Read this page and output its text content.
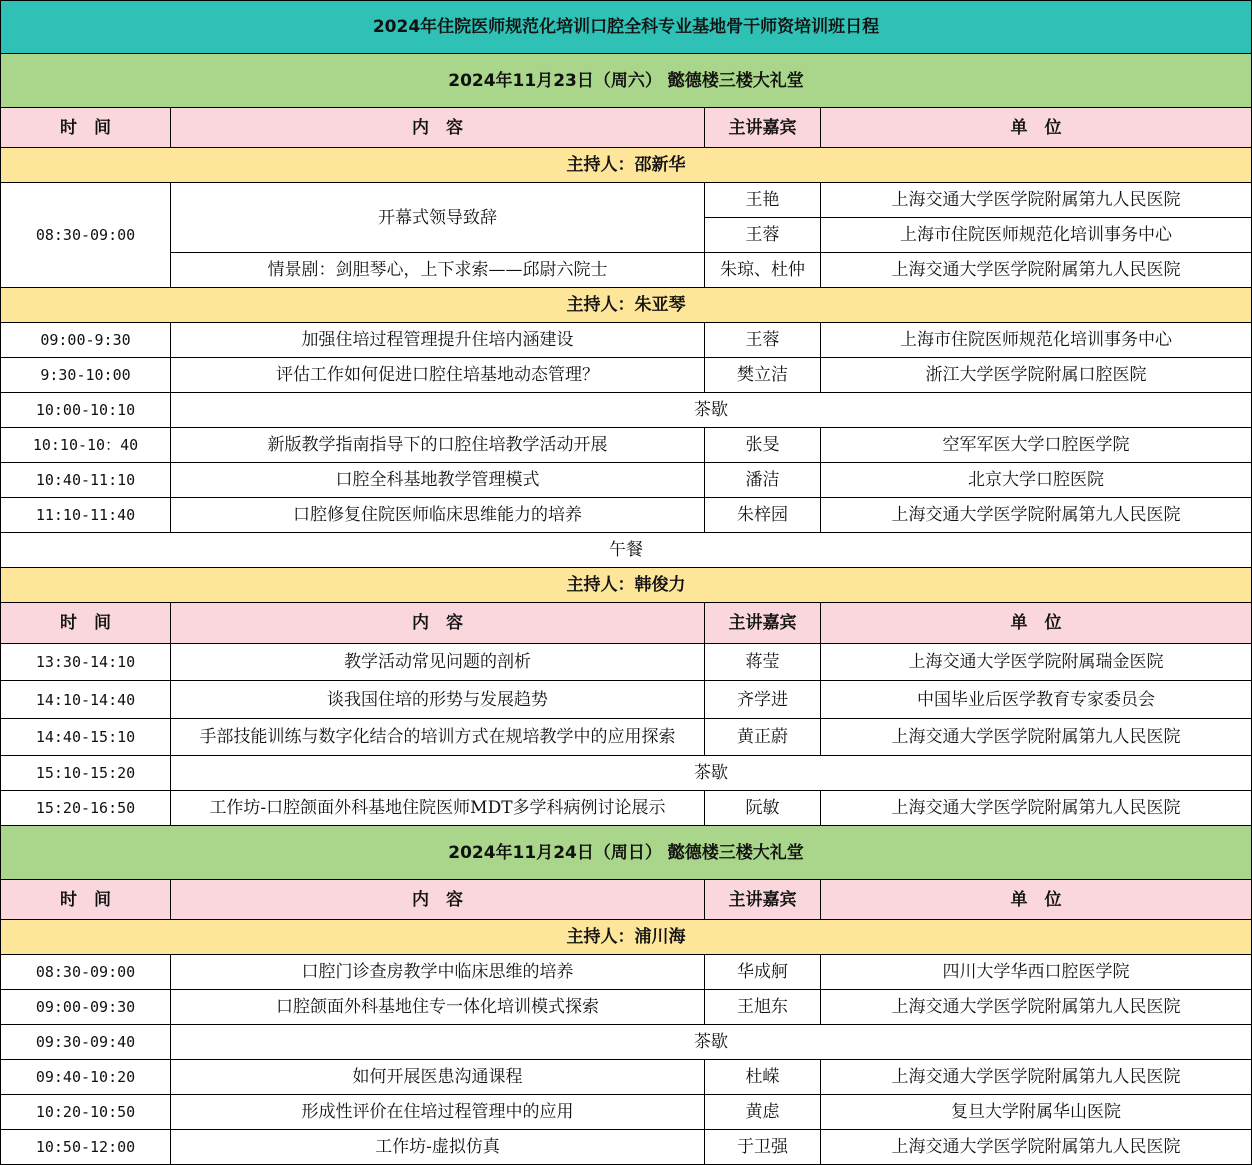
2024年住院医师规范化培训口腔全科专业基地骨干师资培训班日程			
2024年11月23日（周六） 懿德楼三楼大礼堂			
时　间	内　容	主讲嘉宾	单　位
主持人：邵新华			
08:30-09:00	开幕式领导致辞	王艳	上海交通大学医学院附属第九人民医院
		王蓉	上海市住院医师规范化培训事务中心
	情景剧：剑胆琴心，上下求索——邱尉六院士	朱琼、杜仲	上海交通大学医学院附属第九人民医院
主持人：朱亚琴			
09:00-9:30	加强住培过程管理提升住培内涵建设	王蓉	上海市住院医师规范化培训事务中心
9:30-10:00	评估工作如何促进口腔住培基地动态管理？	樊立洁	浙江大学医学院附属口腔医院
10:00-10:10	茶歇		
10:10-10：40	新版教学指南指导下的口腔住培教学活动开展	张旻	空军军医大学口腔医学院
10:40-11:10	口腔全科基地教学管理模式	潘洁	北京大学口腔医院
11:10-11:40	口腔修复住院医师临床思维能力的培养	朱梓园	上海交通大学医学院附属第九人民医院
午餐			
主持人：韩俊力			
时　间	内　容	主讲嘉宾	单　位
13:30-14:10	教学活动常见问题的剖析	蒋莹	上海交通大学医学院附属瑞金医院
14:10-14:40	谈我国住培的形势与发展趋势	齐学进	中国毕业后医学教育专家委员会
14:40-15:10	手部技能训练与数字化结合的培训方式在规培教学中的应用探索	黄正蔚	上海交通大学医学院附属第九人民医院
15:10-15:20	茶歇		
15:20-16:50	工作坊-口腔颌面外科基地住院医师MDT多学科病例讨论展示	阮敏	上海交通大学医学院附属第九人民医院
2024年11月24日（周日） 懿德楼三楼大礼堂			
时　间	内　容	主讲嘉宾	单　位
主持人：浦川海			
08:30-09:00	口腔门诊查房教学中临床思维的培养	华成舸	四川大学华西口腔医学院
09:00-09:30	口腔颌面外科基地住专一体化培训模式探索	王旭东	上海交通大学医学院附属第九人民医院
09:30-09:40	茶歇		
09:40-10:20	如何开展医患沟通课程	杜嵘	上海交通大学医学院附属第九人民医院
10:20-10:50	形成性评价在住培过程管理中的应用	黄虑	复旦大学附属华山医院
10:50-12:00	工作坊-虚拟仿真	于卫强	上海交通大学医学院附属第九人民医院
